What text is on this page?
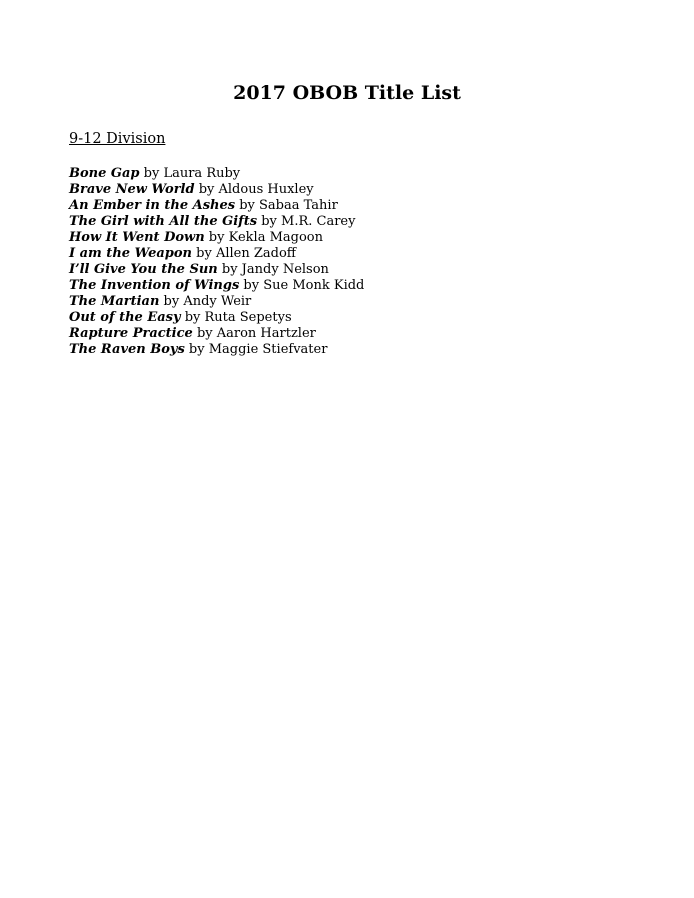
2017 OBOB Title List

9-12 Division

Bone Gap by Laura Ruby
Brave New World by Aldous Huxley
An Ember in the Ashes by Sabaa Tahir
The Girl with All the Gifts by M.R. Carey
How It Went Down by Kekla Magoon
I am the Weapon by Allen Zadoff
I’ll Give You the Sun by Jandy Nelson
The Invention of Wings by Sue Monk Kidd
The Martian by Andy Weir
Out of the Easy by Ruta Sepetys
Rapture Practice by Aaron Hartzler
The Raven Boys by Maggie Stiefvater
